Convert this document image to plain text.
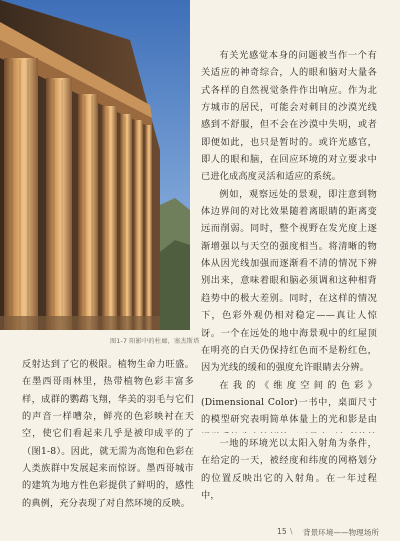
图1-7 阳影中的柱廊，塞杰斯塔

有关光感觉本身的问题被当作一个有关适应的神奇综合，人的眼和脑对大量各式各样的自然视觉条件作出响应。作为北方城市的居民，可能会对刺目的沙漠光线感到不舒服，但不会在沙漠中失明，或者即便如此，也只是暂时的。或许光感官，即人的眼和脑，在回应环境的对立要求中已进化成高度灵活和适应的系统。

例如，观察远处的景观，即注意到物体边界间的对比效果随着离眼睛的距离变远而削弱。同时，整个视野在发光度上逐渐增强以与天空的强度相当。将清晰的物体从因光线加强而逐渐看不清的情况下辨别出来，意味着眼和脑必须调和这种相背趋势中的极大差别。同时，在这样的情况下，色彩外观仍相对稳定——真让人惊讶。一个在远处的地中海景观中的红屋顶在明亮的白天仍保持红色而不是粉红色，因为光线的缓和的强度允许眼睛去分辨。

在我的《维度空间的色彩》(Dimensional Color)一书中，桌面尺寸的模型研究表明简单体量上的光和影是由

一地的环境光以太阳入射角为条件，在给定的一天，被经度和纬度的网格划分的位置反映出它的入射角。在一年过程中，

反射达到了它的极限。植物生命力旺盛。在墨西哥雨林里，热带植物色彩丰富多样，成群的鹦鹉飞翔，华美的羽毛与它们的声音一样嘈杂，鲜亮的色彩映衬在天空，使它们看起来几乎是被印成平的了（图1-8）。因此，就无需为高饱和色彩在人类族群中发展起来而惊讶。墨西哥城市的建筑为地方性色彩提供了鲜明的，感性的典例，充分表现了对自然环境的反映。

15 \ 背景环境——物理场所
